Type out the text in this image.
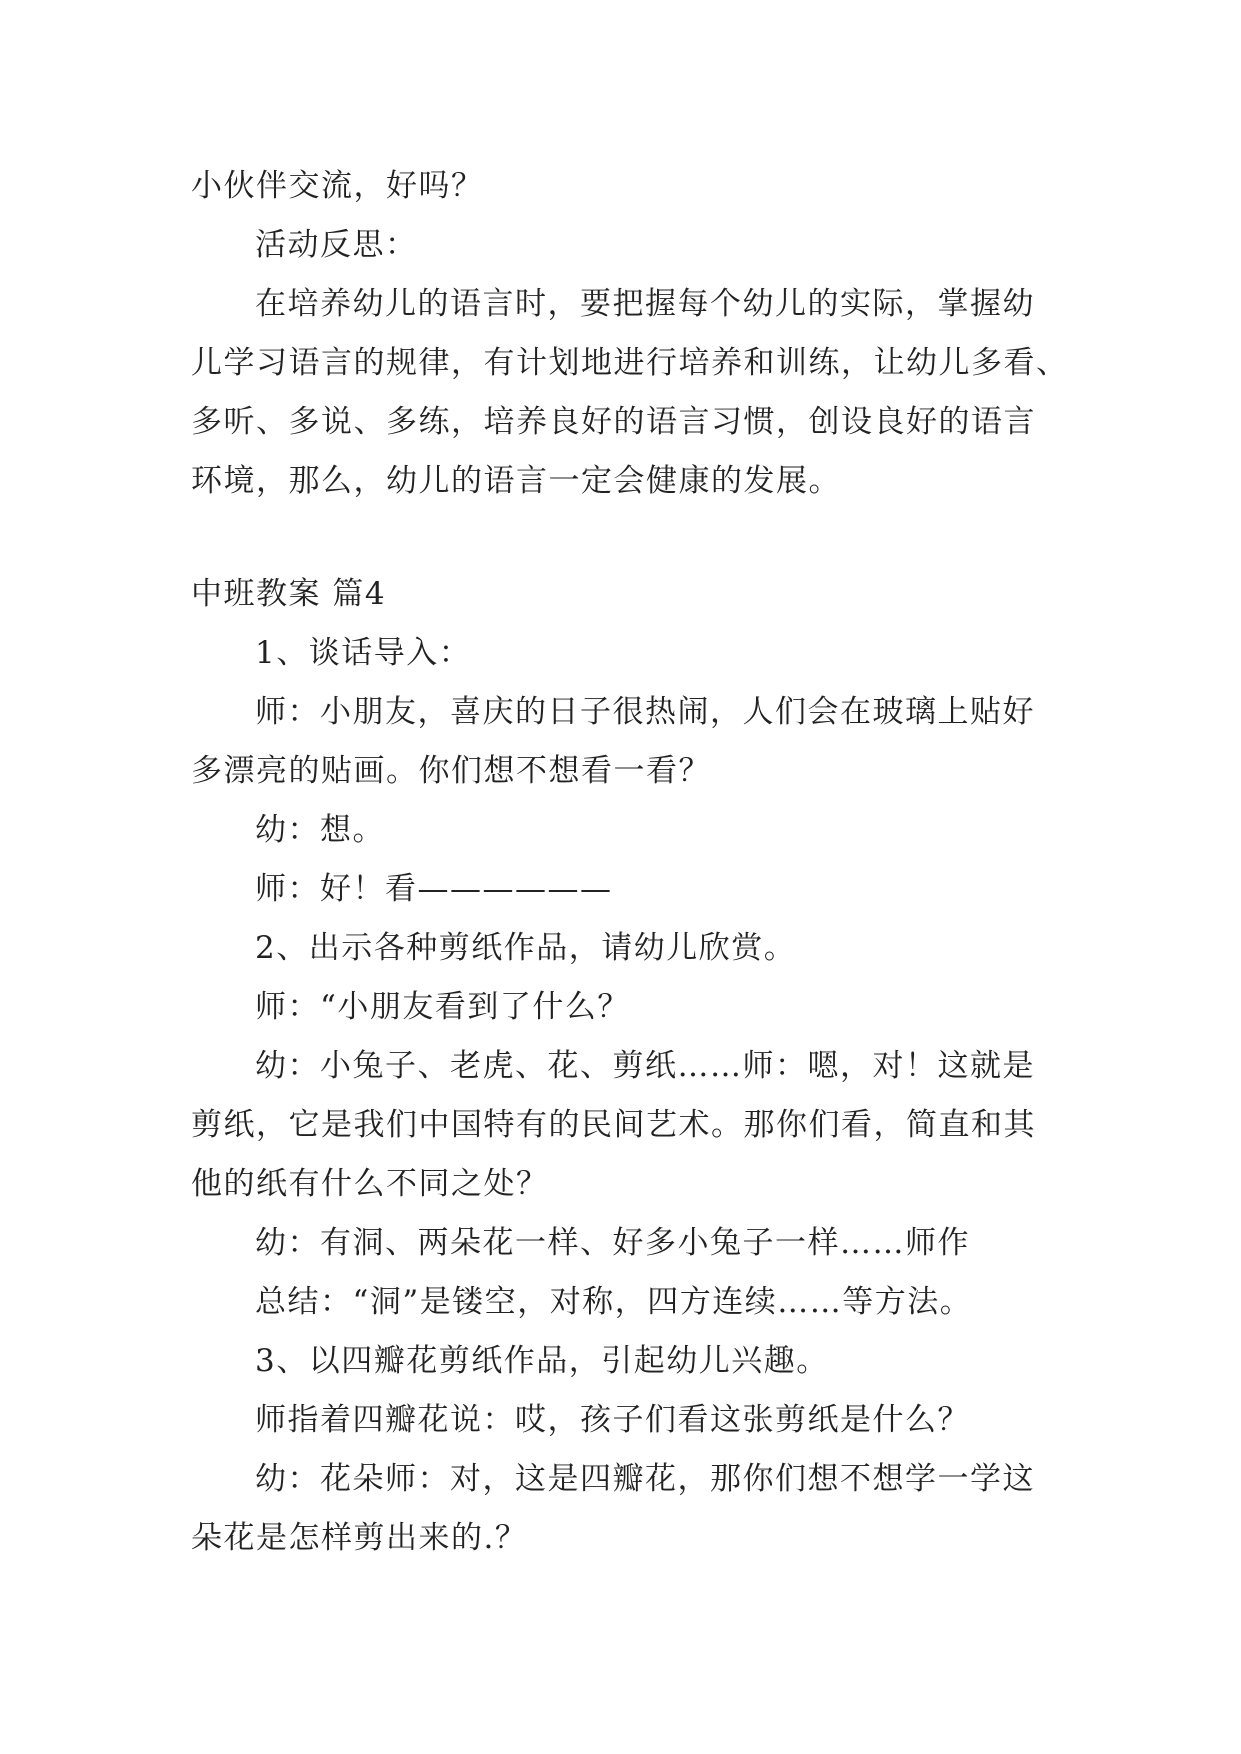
小伙伴交流，好吗？
活动反思：
在培养幼儿的语言时，要把握每个幼儿的实际，掌握幼
儿学习语言的规律，有计划地进行培养和训练，让幼儿多看、
多听、多说、多练，培养良好的语言习惯，创设良好的语言
环境，那么，幼儿的语言一定会健康的发展。
中班教案 篇4
1、谈话导入：
师：小朋友，喜庆的日子很热闹，人们会在玻璃上贴好
多漂亮的贴画。你们想不想看一看？
幼：想。
师：好！看——————
2、出示各种剪纸作品，请幼儿欣赏。
师：“小朋友看到了什么？
幼：小兔子、老虎、花、剪纸……师：嗯，对！这就是
剪纸，它是我们中国特有的民间艺术。那你们看，简直和其
他的纸有什么不同之处？
幼：有洞、两朵花一样、好多小兔子一样……师作
总结：“洞”是镂空，对称，四方连续……等方法。
3、以四瓣花剪纸作品，引起幼儿兴趣。
师指着四瓣花说：哎，孩子们看这张剪纸是什么？
幼：花朵师：对，这是四瓣花，那你们想不想学一学这
朵花是怎样剪出来的.？
